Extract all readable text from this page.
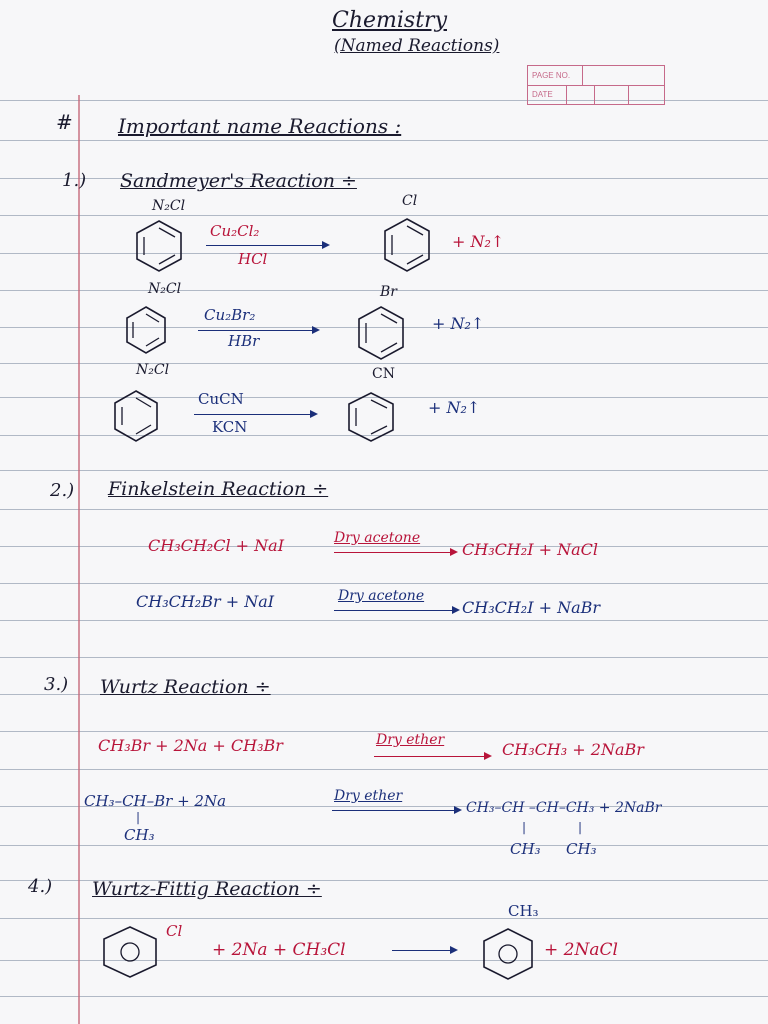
Chemistry
(Named Reactions)
PAGE NO.
DATE
# Important name Reactions :
1.) Sandmeyer's Reaction ÷
N₂Cl
Cu₂Cl₂
HCl
Cl
+ N₂↑
N₂Cl
Cu₂Br₂
HBr
Br
+ N₂↑
N₂Cl
CuCN
KCN
CN
+ N₂↑
2.) Finkelstein Reaction ÷
CH₃CH₂Cl + NaI	Dry acetone
CH₃CH₂I + NaCl
CH₃CH₂Br + NaI	Dry acetone
CH₃CH₂I + NaBr
3.) Wurtz Reaction ÷
CH₃Br + 2Na + CH₃Br	Dry ether	CH₃CH₃ + 2NaBr
CH₃–CH–Br + 2Na
|
CH₃
Dry ether
CH₃–CH –CH–CH₃ + 2NaBr
|	|
CH₃ CH₃
4.) Wurtz-Fittig Reaction ÷
Cl
+ 2Na + CH₃Cl
CH₃
+ 2NaCl
